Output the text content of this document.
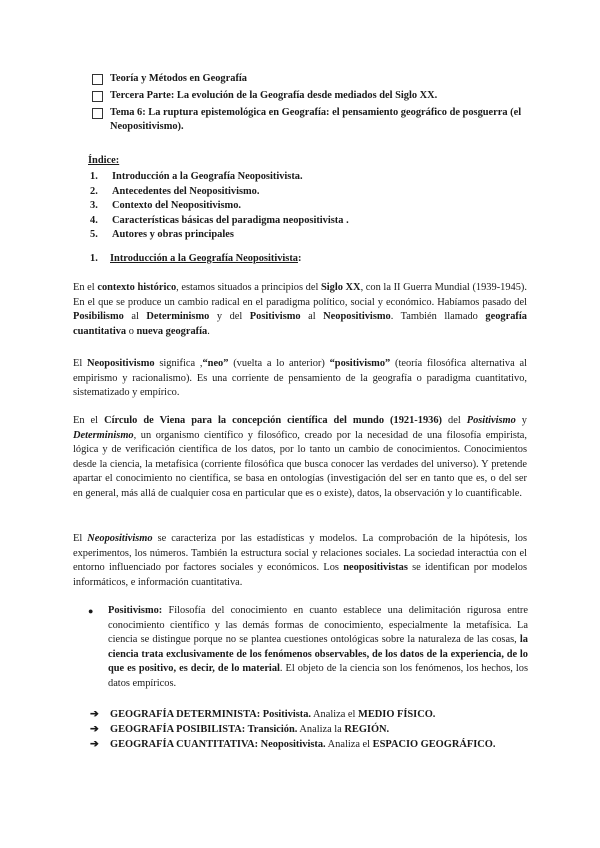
Teoría y Métodos en Geografía
Tercera Parte: La evolución de la Geografía desde mediados del Siglo XX.
Tema 6: La ruptura epistemológica en Geografía: el pensamiento geográfico de posguerra (el Neopositivismo).
Índice:
1.	Introducción a la Geografía Neopositivista.
2.	Antecedentes del Neopositivismo.
3.	Contexto del Neopositivismo.
4.	Características básicas del paradigma neopositivista .
5.	Autores y obras principales
1.	Introducción a la Geografía Neopositivista :

En el contexto histórico, estamos situados a principios del Siglo XX, con la II Guerra Mundial (1939-1945). En el que se produce un cambio radical en el paradigma político, social y económico. Habíamos pasado del Posibilismo al Determinismo y del Positivismo al Neopositivismo. También llamado geografía cuantitativa o nueva geografía.

El Neopositivismo significa ,“neo” (vuelta a lo anterior) “positivismo” (teoría filosófica alternativa al empirismo y racionalismo). Es una corriente de pensamiento de la geografía o paradigma cuantitativo, sistematizado y empírico.

En el Círculo de Viena para la concepción científica del mundo (1921-1936) del Positivismo y Determinismo, un organismo científico y filosófico, creado por la necesidad de una filosofía empirista, lógica y de verificación científica de los datos, por lo tanto un cambio de conocimientos. Conocimientos desde la ciencia, la metafísica (corriente filosófica que busca conocer las verdades del universo). Y pretende apartar el conocimiento no científica, se basa en ontologías (investigación del ser en tanto que es, o del ser en general, más allá de cualquier cosa en particular que es o existe), datos, la observación y lo cuantificable.

El Neopositivismo se caracteriza por las estadísticas y modelos. La comprobación de la hipótesis, los experimentos, los números. También la estructura social y relaciones sociales. La sociedad interactúa con el entorno influenciado por factores sociales y económicos. Los neopositivistas se identifican por modelos informáticos, e información cuantitativa.

●	Positivismo: Filosofía del conocimiento en cuanto establece una delimitación rigurosa entre conocimiento científico y las demás formas de conocimiento, especialmente la metafísica. La ciencia se distingue porque no se plantea cuestiones ontológicas sobre la naturaleza de las cosas, la ciencia trata exclusivamente de los fenómenos observables, de los datos de la experiencia, de lo que es positivo, es decir, de lo material. El objeto de la ciencia son los fenómenos, los hechos, los datos empíricos.
➔	GEOGRAFÍA DETERMINISTA: Positivista. Analiza el MEDIO FÍSICO.
➔	GEOGRAFÍA POSIBILISTA: Transición. Analiza la REGIÓN.
➔	GEOGRAFÍA CUANTITATIVA: Neopositivista. Analiza el ESPACIO GEOGRÁFICO.
